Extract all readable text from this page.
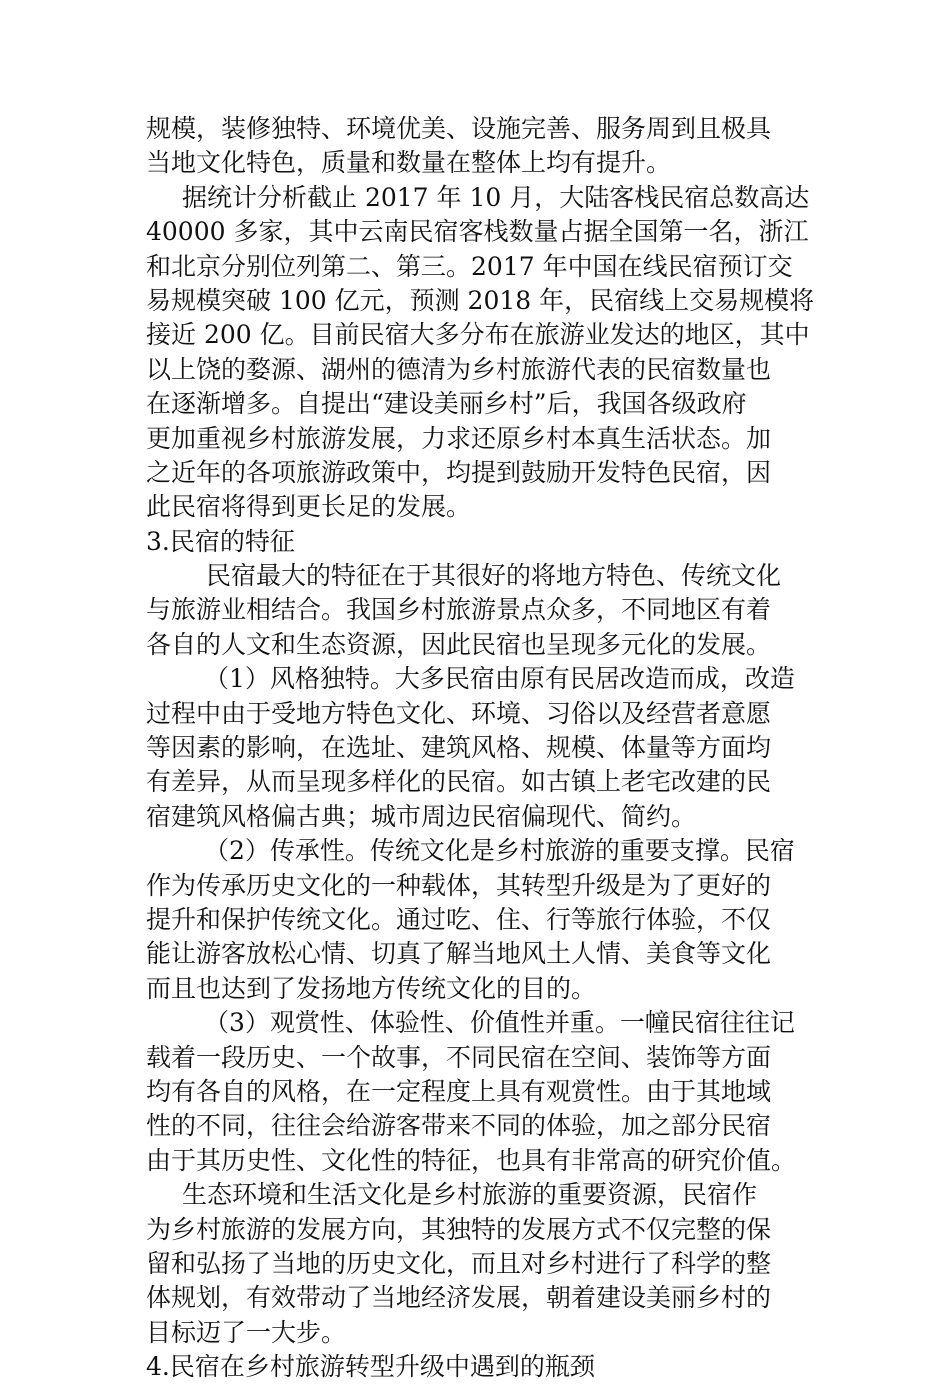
规模，装修独特、环境优美、设施完善、服务周到且极具
当地文化特色，质量和数量在整体上均有提升。
据统计分析截止 2017 年 10 月，大陆客栈民宿总数高达
40000 多家，其中云南民宿客栈数量占据全国第一名，浙江
和北京分别位列第二、第三。2017 年中国在线民宿预订交
易规模突破 100 亿元，预测 2018 年，民宿线上交易规模将
接近 200 亿。目前民宿大多分布在旅游业发达的地区，其中
以上饶的婺源、湖州的德清为乡村旅游代表的民宿数量也
在逐渐增多。自提出“建设美丽乡村”后，我国各级政府
更加重视乡村旅游发展，力求还原乡村本真生活状态。加
之近年的各项旅游政策中，均提到鼓励开发特色民宿，因
此民宿将得到更长足的发展。
3.民宿的特征
民宿最大的特征在于其很好的将地方特色、传统文化
与旅游业相结合。我国乡村旅游景点众多，不同地区有着
各自的人文和生态资源，因此民宿也呈现多元化的发展。
（1）风格独特。大多民宿由原有民居改造而成，改造
过程中由于受地方特色文化、环境、习俗以及经营者意愿
等因素的影响，在选址、建筑风格、规模、体量等方面均
有差异，从而呈现多样化的民宿。如古镇上老宅改建的民
宿建筑风格偏古典；城市周边民宿偏现代、简约。
（2）传承性。传统文化是乡村旅游的重要支撑。民宿
作为传承历史文化的一种载体，其转型升级是为了更好的
提升和保护传统文化。通过吃、住、行等旅行体验，不仅
能让游客放松心情、切真了解当地风土人情、美食等文化
而且也达到了发扬地方传统文化的目的。
（3）观赏性、体验性、价值性并重。一幢民宿往往记
载着一段历史、一个故事，不同民宿在空间、装饰等方面
均有各自的风格，在一定程度上具有观赏性。由于其地域
性的不同，往往会给游客带来不同的体验，加之部分民宿
由于其历史性、文化性的特征，也具有非常高的研究价值。
生态环境和生活文化是乡村旅游的重要资源，民宿作
为乡村旅游的发展方向，其独特的发展方式不仅完整的保
留和弘扬了当地的历史文化，而且对乡村进行了科学的整
体规划，有效带动了当地经济发展，朝着建设美丽乡村的
目标迈了一大步。
4.民宿在乡村旅游转型升级中遇到的瓶颈
